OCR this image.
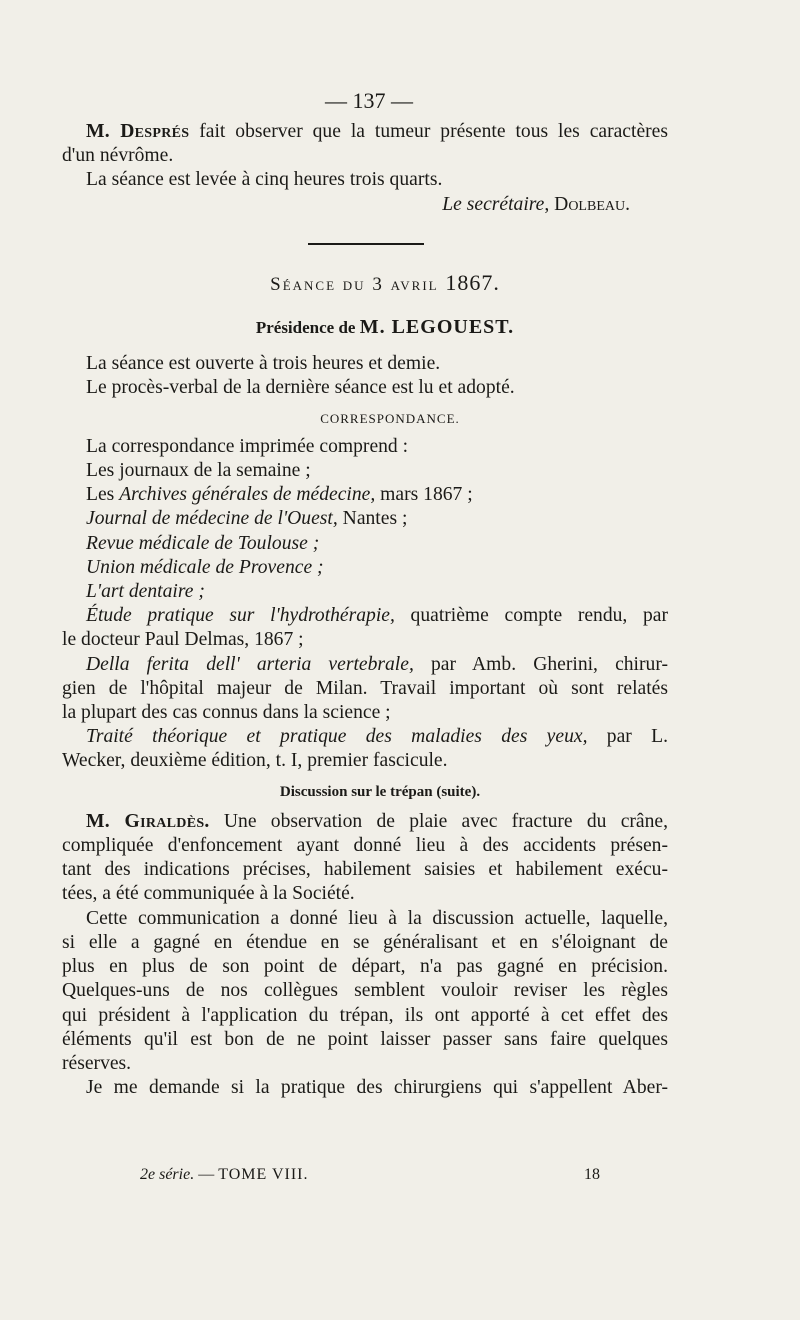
— 137 —

M. Després fait observer que la tumeur présente tous les caractères

d'un névrôme.

La séance est levée à cinq heures trois quarts.

Le secrétaire, Dolbeau.

Séance du 3 avril 1867.
Présidence de M. LEGOUEST.

La séance est ouverte à trois heures et demie.

Le procès-verbal de la dernière séance est lu et adopté.

CORRESPONDANCE.

La correspondance imprimée comprend :

Les journaux de la semaine ;

Les Archives générales de médecine, mars 1867 ;

Journal de médecine de l'Ouest, Nantes ;

Revue médicale de Toulouse ;

Union médicale de Provence ;

L'art dentaire ;

Étude pratique sur l'hydrothérapie, quatrième compte rendu, par

le docteur Paul Delmas, 1867 ;

Della ferita dell' arteria vertebrale, par Amb. Gherini, chirur-

gien de l'hôpital majeur de Milan. Travail important où sont relatés

la plupart des cas connus dans la science ;

Traité théorique et pratique des maladies des yeux, par L.

Wecker, deuxième édition, t. I, premier fascicule.

Discussion sur le trépan (suite).

M. Giraldès. Une observation de plaie avec fracture du crâne,

compliquée d'enfoncement ayant donné lieu à des accidents présen-

tant des indications précises, habilement saisies et habilement exécu-

tées, a été communiquée à la Société.

Cette communication a donné lieu à la discussion actuelle, laquelle,

si elle a gagné en étendue en se généralisant et en s'éloignant de

plus en plus de son point de départ, n'a pas gagné en précision.

Quelques-uns de nos collègues semblent vouloir reviser les règles

qui président à l'application du trépan, ils ont apporté à cet effet des

éléments qu'il est bon de ne point laisser passer sans faire quelques

réserves.

Je me demande si la pratique des chirurgiens qui s'appellent Aber-

2e série. — TOME VIII.	18
